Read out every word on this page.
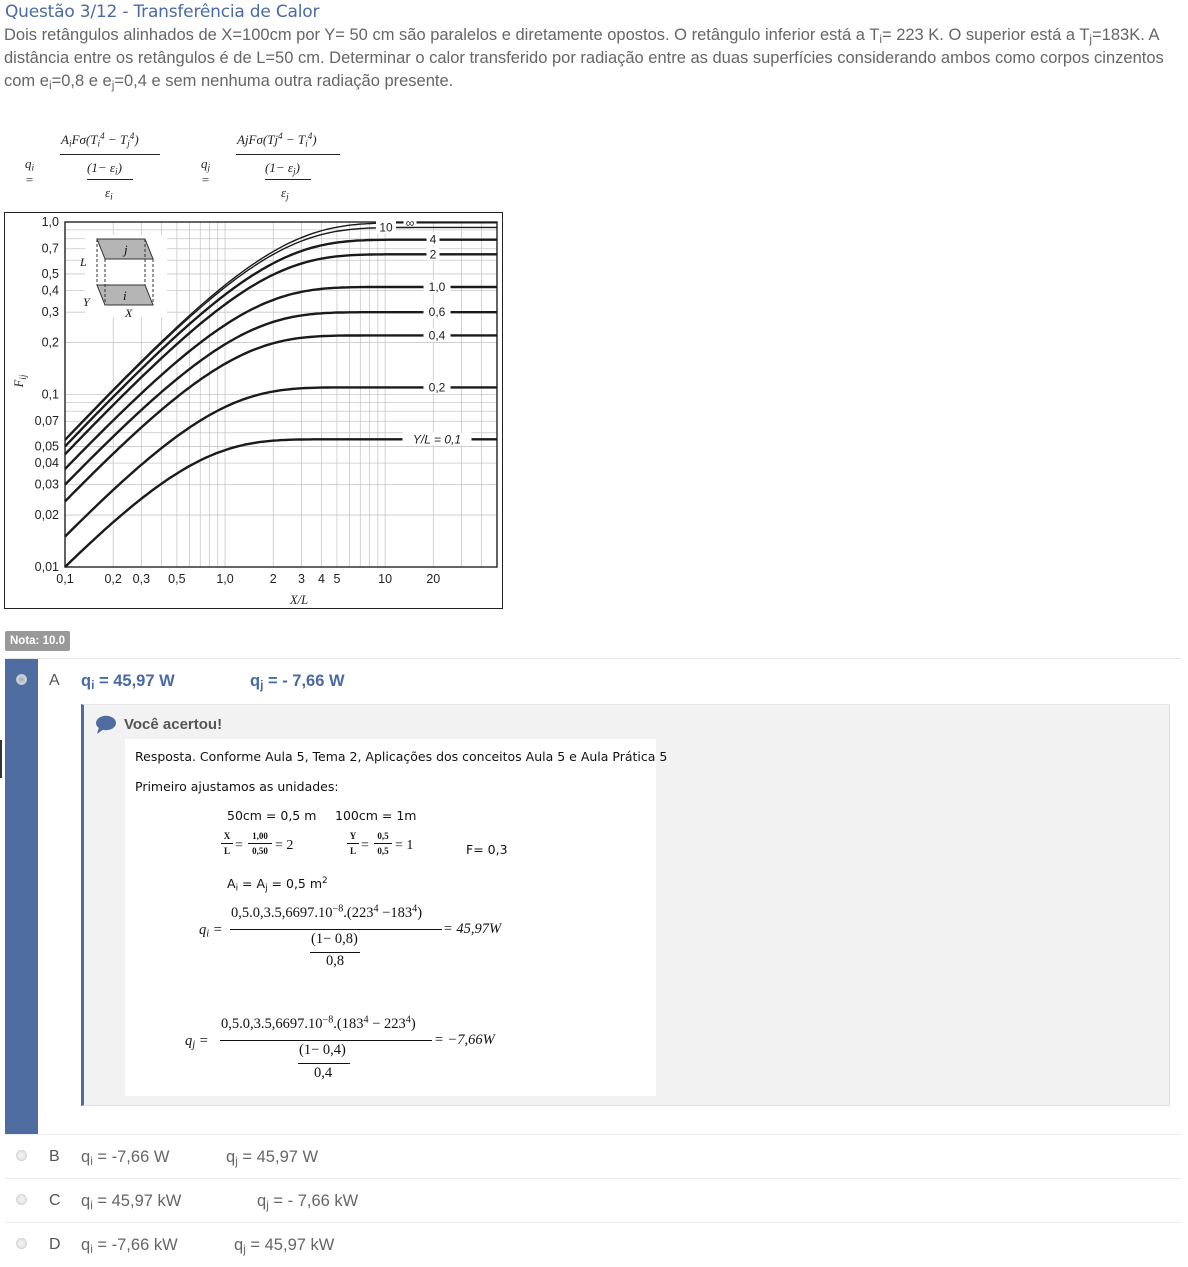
Questão 3/12 - Transferência de Calor
Dois retângulos alinhados de X=100cm por Y= 50 cm são paralelos e diretamente opostos. O retângulo inferior está a $T_i= 223$ K. O superior está a $T_j=183K$. A distância entre os retângulos é de L=50 cm. Determinar o calor transferido por radiação entre as duas superfícies considerando ambos como corpos cinzentos com $e_i=0,8$ e $e_j=0,4$ e sem nenhuma outra radiação presente.
$q_i$ =
$A_iF\sigma(T_i^4 - T_j^4)$
$(1- \varepsilon_i)$
$\varepsilon_i$
$q_j$ =
$AjF\sigma(Tj^4 - T_i^4)$
$(1- \varepsilon_j)$
$\varepsilon_j$
1,0
0,7
0,5
0,4
0,3
0,2
0,1
0,07
0,05
0,04
0,03
0,02
0,01
0,1 0,2 0,3 0,5 1,0	2 3 4 5	10	20
X/L
$F_{ij}$
∞
10
4
2
1,0
0,6
0,4
0,2
Y/L = 0,1
j
i
L
Y
X
Nota: 10.0
A $q_i = 45,97$ W	$q_j$ = - 7,66 W
Você acertou!
Resposta. Conforme Aula 5, Tema 2, Aplicações dos conceitos Aula 5 e Aula Prática 5
Primeiro ajustamos as unidades:
50cm = 0,5 m 100cm = 1m
X
L =
1,00
0,50 = 2
Y
L =
0,5
0,5 = 1	F= 0,3
$A_i = A_j = 0,5$ $m^2$
$q_i$ =
$0,5.0,3.5,6697.10^{-8}.(223^4 -183^4)$
(1− 0,8)
0,8
= 45,97W
$q_j$ =
$0,5.0,3.5,6697.10^{-8}.(183^4 - 223^4)$
(1− 0,4)
0,4
= −7,66W
B $q_i = -7,66$ W	$q_j = 45,97$ W
C $q_i = 45,97$ kW	$q_j$ = - 7,66 kW
D $q_i = -7,66$ kW	$q_j = 45,97$ kW
